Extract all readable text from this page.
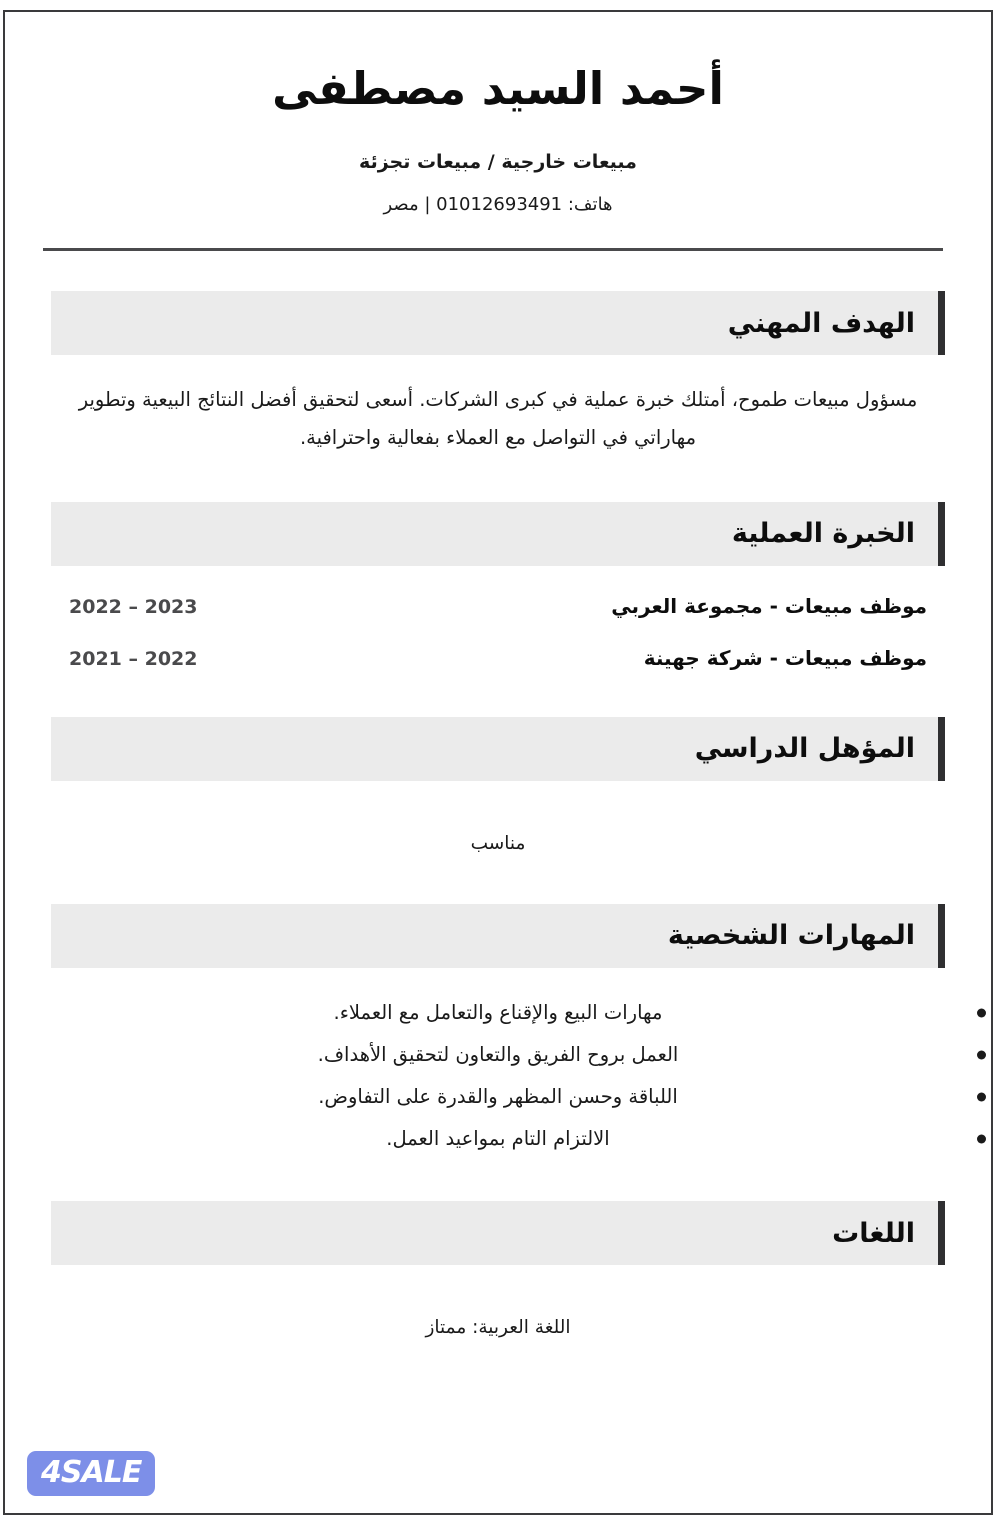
أحمد السيد مصطفى
مبيعات خارجية / مبيعات تجزئة
هاتف: 01012693491 | مصر
الهدف المهني

مسؤول مبيعات طموح، أمتلك خبرة عملية في كبرى الشركات. أسعى لتحقيق أفضل النتائج البيعية وتطوير مهاراتي في التواصل مع العملاء بفعالية واحترافية.

الخبرة العملية
موظف مبيعات - مجموعة العربي
2022 – 2023
موظف مبيعات - شركة جهينة
2021 – 2022
المؤهل الدراسي

مناسب

المهارات الشخصية
مهارات البيع والإقناع والتعامل مع العملاء.
العمل بروح الفريق والتعاون لتحقيق الأهداف.
اللباقة وحسن المظهر والقدرة على التفاوض.
الالتزام التام بمواعيد العمل.
اللغات

اللغة العربية: ممتاز

4SALE
